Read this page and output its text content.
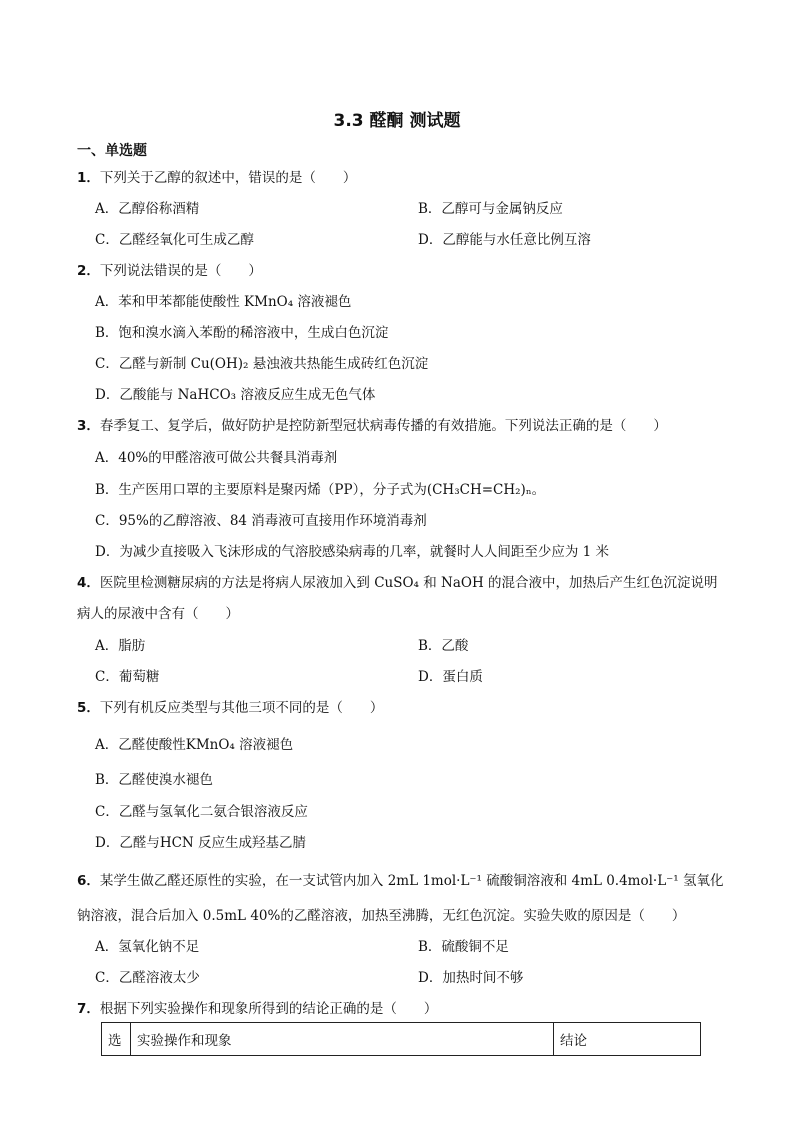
3.3 醛酮 测试题
一、单选题
1．下列关于乙醇的叙述中，错误的是（　　）
A．乙醇俗称酒精	B．乙醇可与金属钠反应
C．乙醛经氧化可生成乙醇	D．乙醇能与水任意比例互溶
2．下列说法错误的是（　　）
A．苯和甲苯都能使酸性 KMnO₄ 溶液褪色
B．饱和溴水滴入苯酚的稀溶液中，生成白色沉淀
C．乙醛与新制 Cu(OH)₂ 悬浊液共热能生成砖红色沉淀
D．乙酸能与 NaHCO₃ 溶液反应生成无色气体
3．春季复工、复学后，做好防护是控防新型冠状病毒传播的有效措施。下列说法正确的是（　　）
A．40%的甲醛溶液可做公共餐具消毒剂
B．生产医用口罩的主要原料是聚丙烯（PP），分子式为(CH₃CH=CH₂)ₙ。
C．95%的乙醇溶液、84 消毒液可直接用作环境消毒剂
D．为减少直接吸入飞沫形成的气溶胶感染病毒的几率，就餐时人人间距至少应为 1 米
4．医院里检测糖尿病的方法是将病人尿液加入到 CuSO₄ 和 NaOH 的混合液中，加热后产生红色沉淀说明
病人的尿液中含有（　　）
A．脂肪	B．乙酸
C．葡萄糖	D．蛋白质
5．下列有机反应类型与其他三项不同的是（　　）
A．乙醛使酸性KMnO₄ 溶液褪色
B．乙醛使溴水褪色
C．乙醛与氢氧化二氨合银溶液反应
D．乙醛与HCN 反应生成羟基乙腈
6．某学生做乙醛还原性的实验，在一支试管内加入 2mL 1mol·L⁻¹ 硫酸铜溶液和 4mL 0.4mol·L⁻¹ 氢氧化
钠溶液，混合后加入 0.5mL 40%的乙醛溶液，加热至沸腾，无红色沉淀。实验失败的原因是（　　）
A．氢氧化钠不足	B．硫酸铜不足
C．乙醛溶液太少	D．加热时间不够
7．根据下列实验操作和现象所得到的结论正确的是（　　）
选	实验操作和现象	结论
